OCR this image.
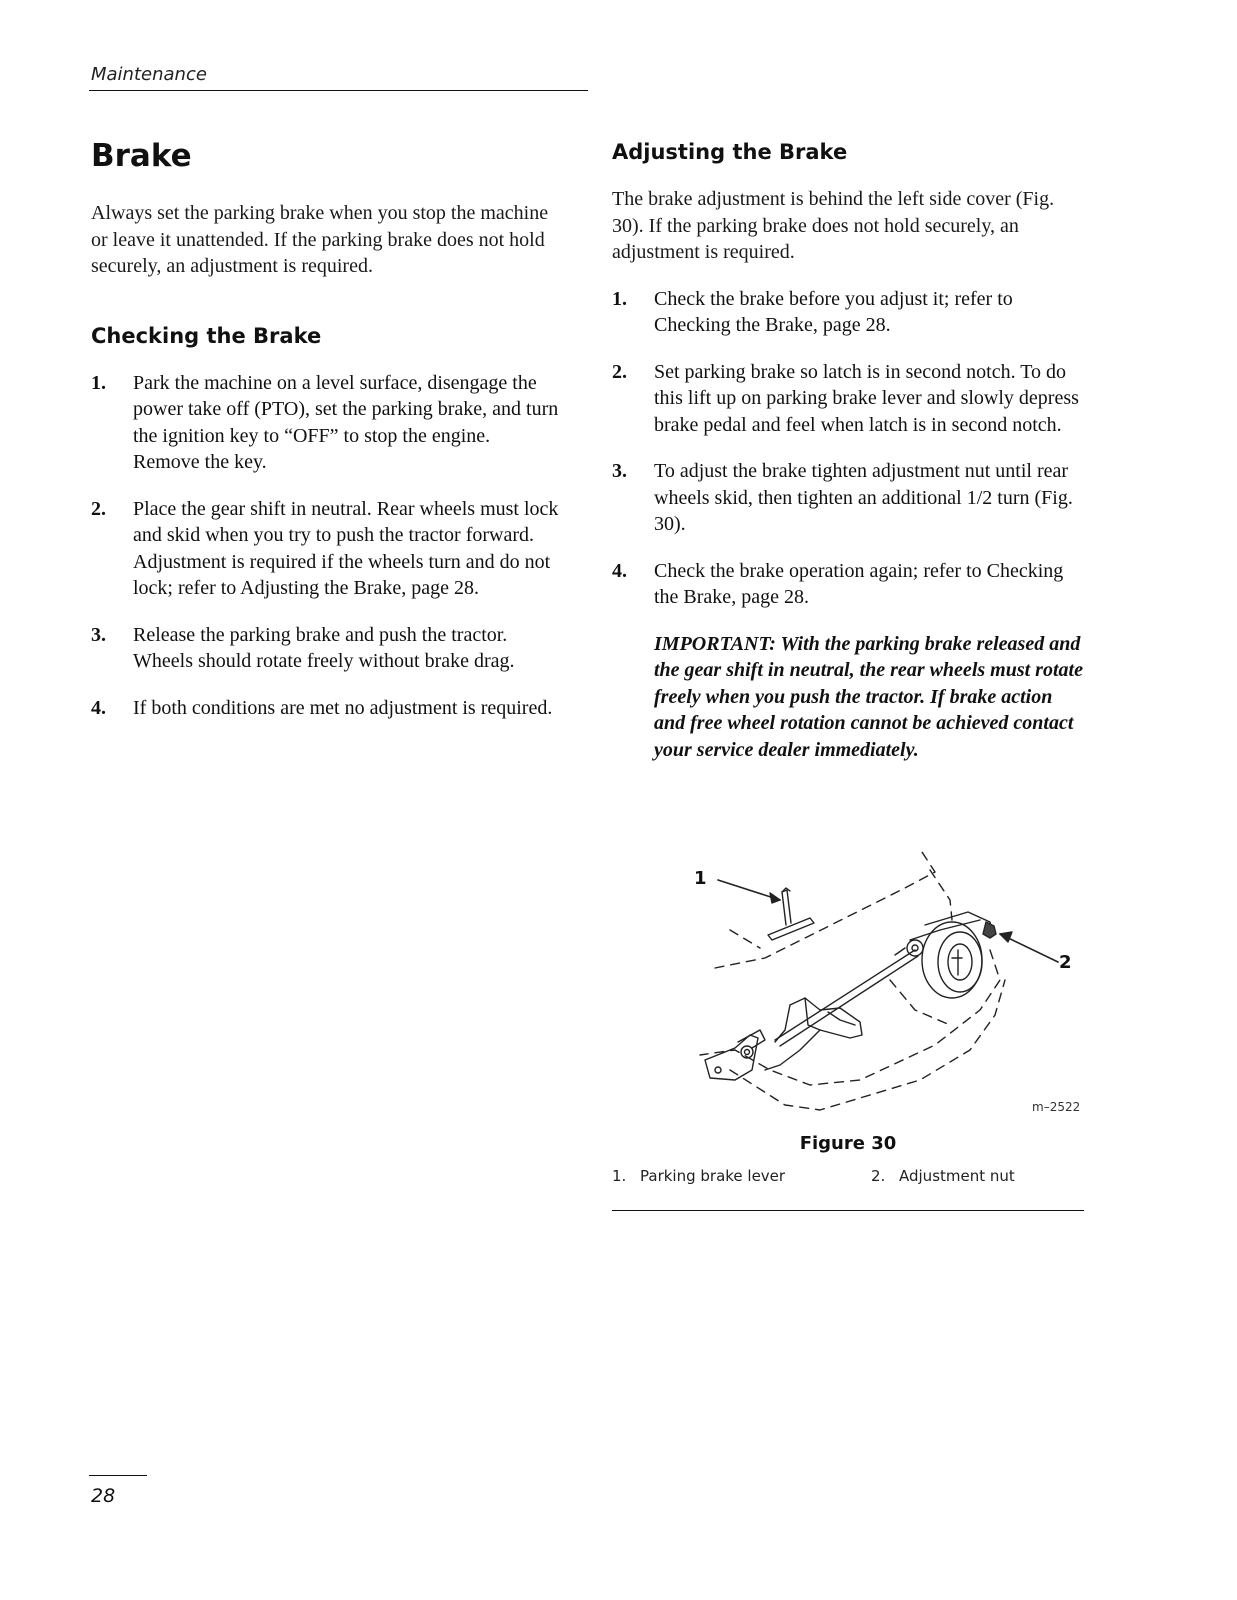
Maintenance
Brake

Always set the parking brake when you stop the machine or leave it unattended. If the parking brake does not hold securely, an adjustment is required.

Checking the Brake
1.	Park the machine on a level surface, disengage the power take off (PTO), set the parking brake, and turn the ignition key to “OFF” to stop the engine. Remove the key.
2.	Place the gear shift in neutral. Rear wheels must lock and skid when you try to push the tractor forward. Adjustment is required if the wheels turn and do not lock; refer to Adjusting the Brake, page 28.
3.	Release the parking brake and push the tractor. Wheels should rotate freely without brake drag.
4.	If both conditions are met no adjustment is required.
Adjusting the Brake

The brake adjustment is behind the left side cover (Fig. 30). If the parking brake does not hold securely, an adjustment is required.

1.	Check the brake before you adjust it; refer to Checking the Brake, page 28.
2.	Set parking brake so latch is in second notch. To do this lift up on parking brake lever and slowly depress brake pedal and feel when latch is in second notch.
3.	To adjust the brake tighten adjustment nut until rear wheels skid, then tighten an additional 1/2 turn (Fig. 30).
4.	Check the brake operation again; refer to Checking the Brake, page 28.

IMPORTANT: With the parking brake released and the gear shift in neutral, the rear wheels must rotate freely when you push the tractor. If brake action and free wheel rotation cannot be achieved contact your service dealer immediately.

1
2
m–2522
Figure 30
1. Parking brake lever	2. Adjustment nut
28
